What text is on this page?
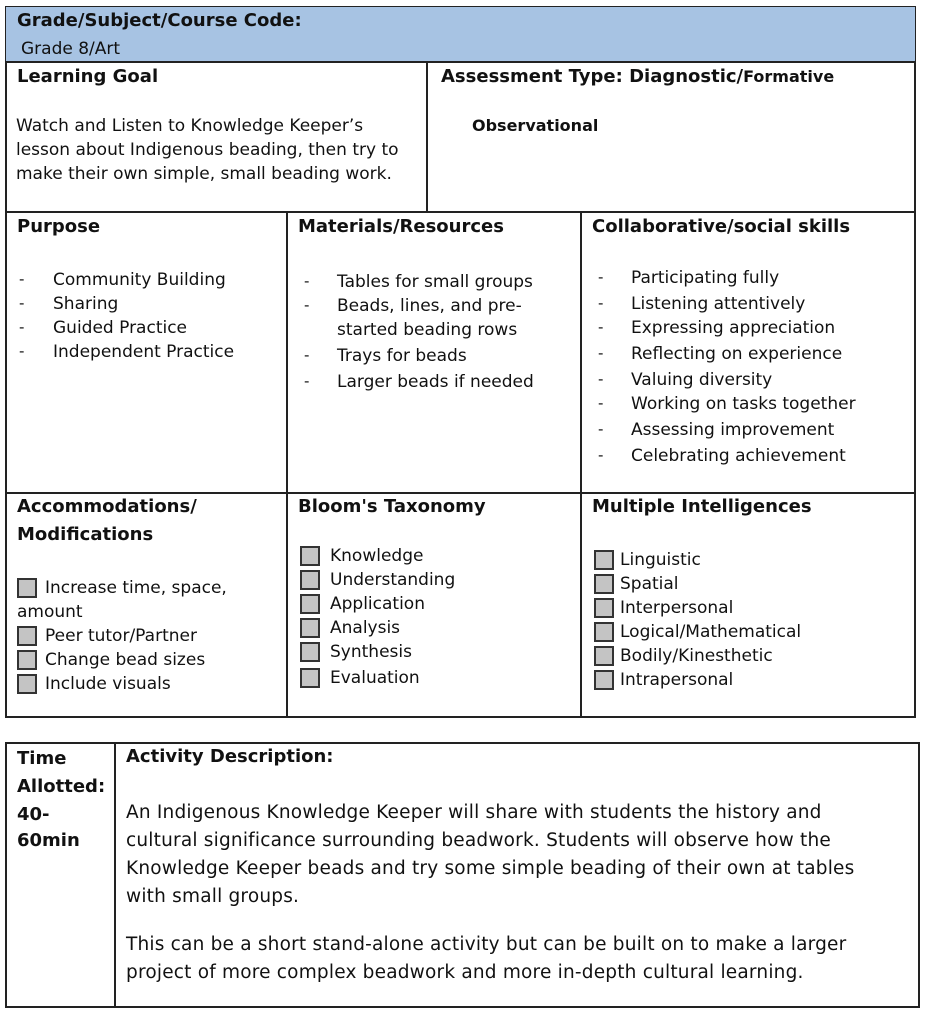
Grade/Subject/Course Code:
Grade 8/Art
Learning Goal
Watch and Listen to Knowledge Keeper’s
lesson about Indigenous beading, then try to
make their own simple, small beading work.
Assessment Type: Diagnostic/Formative
Observational
Purpose
- Community Building
- Sharing
- Guided Practice
- Independent Practice
Materials/Resources
- Tables for small groups
- Beads, lines, and pre-
started beading rows
- Trays for beads
- Larger beads if needed
Collaborative/social skills
- Participating fully
- Listening attentively
- Expressing appreciation
- Reflecting on experience
- Valuing diversity
- Working on tasks together
- Assessing improvement
- Celebrating achievement
Accommodations/
Modifications
Increase time, space,
amount
Peer tutor/Partner
Change bead sizes
Include visuals
Bloom's Taxonomy
Knowledge
Understanding
Application
Analysis
Synthesis
Evaluation
Multiple Intelligences
Linguistic
Spatial
Interpersonal
Logical/Mathematical
Bodily/Kinesthetic
Intrapersonal
Time
Allotted:
40-
60min
Activity Description:
An Indigenous Knowledge Keeper will share with students the history and
cultural significance surrounding beadwork. Students will observe how the
Knowledge Keeper beads and try some simple beading of their own at tables
with small groups.
This can be a short stand-alone activity but can be built on to make a larger
project of more complex beadwork and more in-depth cultural learning.
